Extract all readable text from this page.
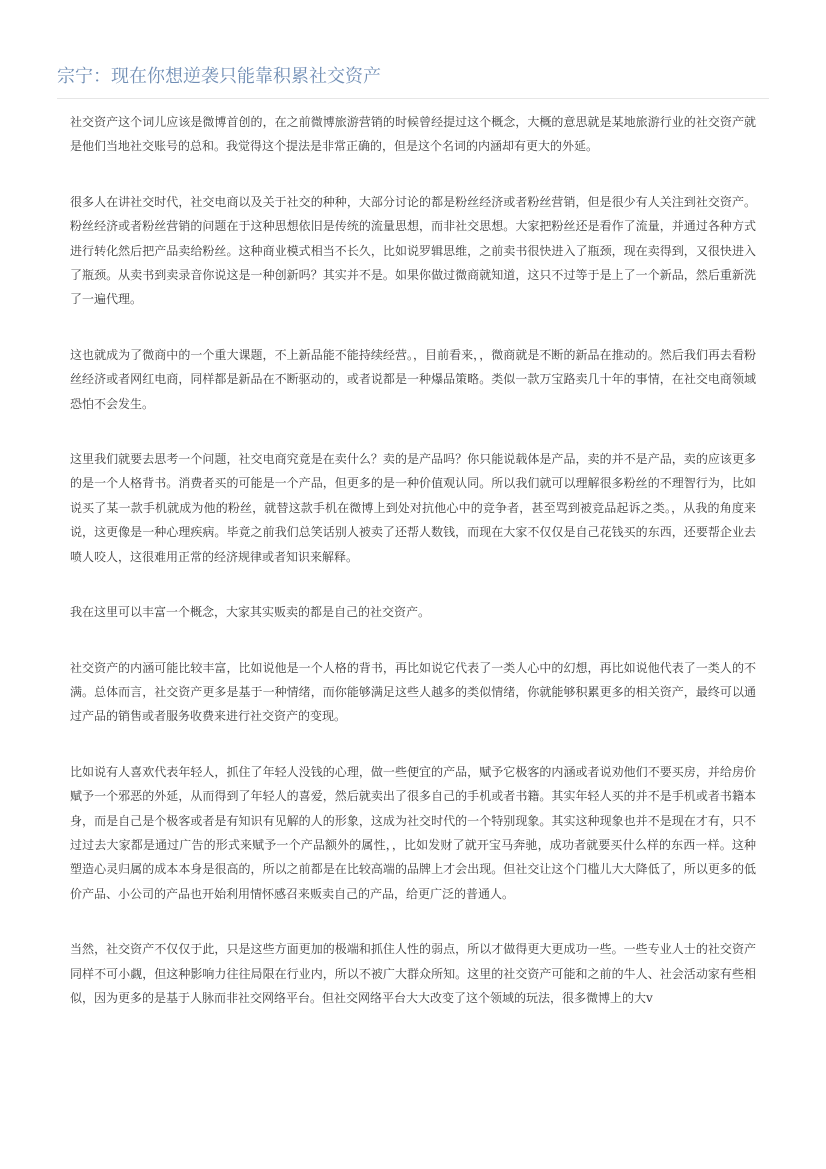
宗宁：现在你想逆袭只能靠积累社交资产

社交资产这个词儿应该是微博首创的，在之前微博旅游营销的时候曾经提过这个概念，大概的意思就是某地旅游行业的社交资产就是他们当地社交账号的总和。我觉得这个提法是非常正确的，但是这个名词的内涵却有更大的外延。

很多人在讲社交时代，社交电商以及关于社交的种种，大部分讨论的都是粉丝经济或者粉丝营销，但是很少有人关注到社交资产。粉丝经济或者粉丝营销的问题在于这种思想依旧是传统的流量思想，而非社交思想。大家把粉丝还是看作了流量，并通过各种方式进行转化然后把产品卖给粉丝。这种商业模式相当不长久，比如说罗辑思维，之前卖书很快进入了瓶颈，现在卖得到，又很快进入了瓶颈。从卖书到卖录音你说这是一种创新吗？其实并不是。如果你做过微商就知道，这只不过等于是上了一个新品，然后重新洗了一遍代理。

这也就成为了微商中的一个重大课题，不上新品能不能持续经营。，目前看来，，微商就是不断的新品在推动的。然后我们再去看粉丝经济或者网红电商，同样都是新品在不断驱动的，或者说都是一种爆品策略。类似一款万宝路卖几十年的事情，在社交电商领域恐怕不会发生。

这里我们就要去思考一个问题，社交电商究竟是在卖什么？卖的是产品吗？你只能说载体是产品，卖的并不是产品，卖的应该更多的是一个人格背书。消费者买的可能是一个产品，但更多的是一种价值观认同。所以我们就可以理解很多粉丝的不理智行为，比如说买了某一款手机就成为他的粉丝，就替这款手机在微博上到处对抗他心中的竞争者，甚至骂到被竞品起诉之类。，从我的角度来说，这更像是一种心理疾病。毕竟之前我们总笑话别人被卖了还帮人数钱，而现在大家不仅仅是自己花钱买的东西，还要帮企业去喷人咬人，这很难用正常的经济规律或者知识来解释。

我在这里可以丰富一个概念，大家其实贩卖的都是自己的社交资产。

社交资产的内涵可能比较丰富，比如说他是一个人格的背书，再比如说它代表了一类人心中的幻想，再比如说他代表了一类人的不满。总体而言，社交资产更多是基于一种情绪，而你能够满足这些人越多的类似情绪，你就能够积累更多的相关资产，最终可以通过产品的销售或者服务收费来进行社交资产的变现。

比如说有人喜欢代表年轻人，抓住了年轻人没钱的心理，做一些便宜的产品，赋予它极客的内涵或者说劝他们不要买房，并给房价赋予一个邪恶的外延，从而得到了年轻人的喜爱，然后就卖出了很多自己的手机或者书籍。其实年轻人买的并不是手机或者书籍本身，而是自己是个极客或者是有知识有见解的人的形象，这成为社交时代的一个特别现象。其实这种现象也并不是现在才有，只不过过去大家都是通过广告的形式来赋予一个产品额外的属性，，比如发财了就开宝马奔驰，成功者就要买什么样的东西一样。这种塑造心灵归属的成本本身是很高的，所以之前都是在比较高端的品牌上才会出现。但社交让这个门槛儿大大降低了，所以更多的低价产品、小公司的产品也开始利用情怀感召来贩卖自己的产品，给更广泛的普通人。

当然，社交资产不仅仅于此，只是这些方面更加的极端和抓住人性的弱点，所以才做得更大更成功一些。一些专业人士的社交资产同样不可小觑，但这种影响力往往局限在行业内，所以不被广大群众所知。这里的社交资产可能和之前的牛人、社会活动家有些相似，因为更多的是基于人脉而非社交网络平台。但社交网络平台大大改变了这个领域的玩法，很多微博上的大v
